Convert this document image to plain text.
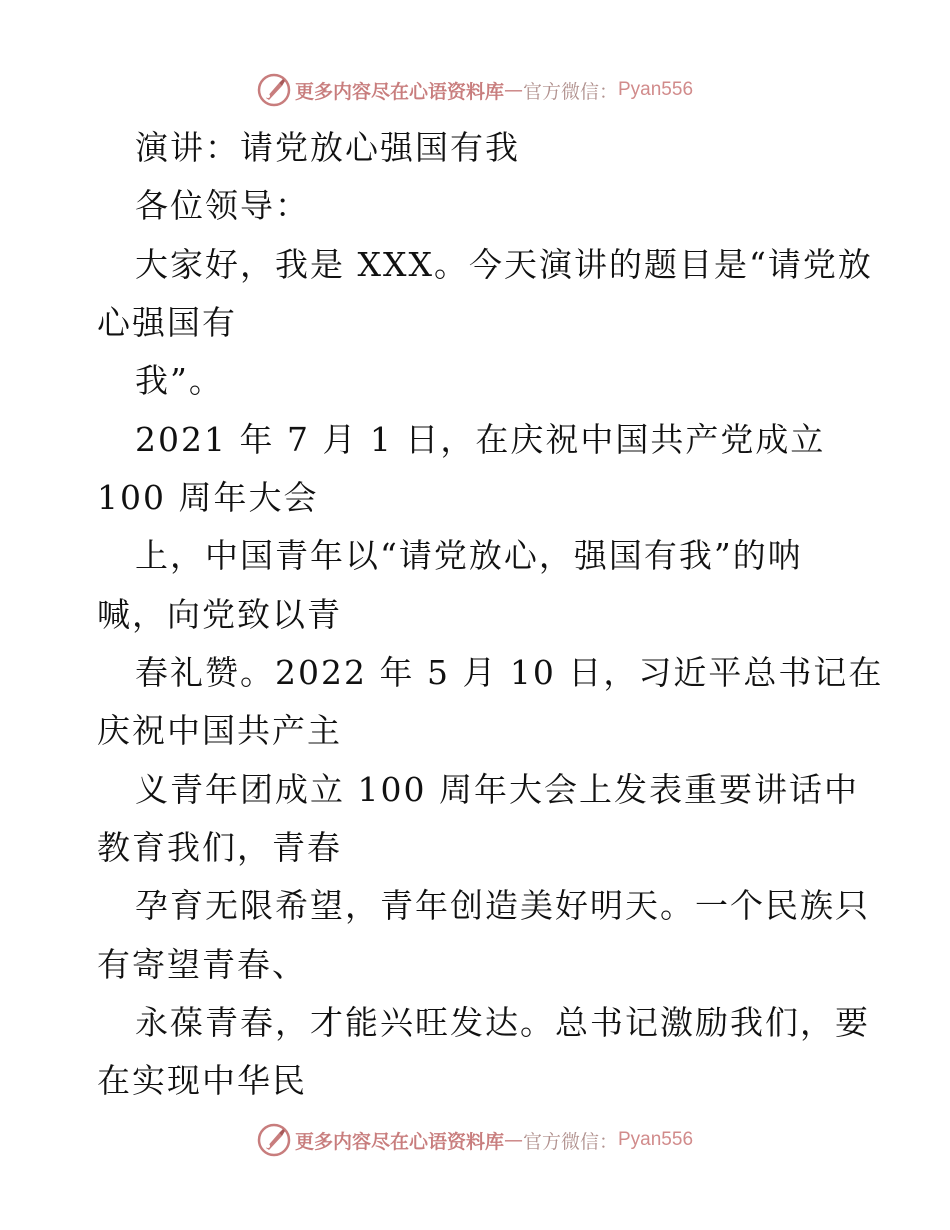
更多内容尽在心语资料库 — 官方微信： Pyan556
演讲：请党放心强国有我
各位领导：
大家好，我是 XXX。今天演讲的题目是“请党放
心强国有
我”。
2021 年 7 月 1 日，在庆祝中国共产党成立
100 周年大会
上，中国青年以“请党放心，强国有我”的呐
喊，向党致以青
春礼赞。2022 年 5 月 10 日，习近平总书记在
庆祝中国共产主
义青年团成立 100 周年大会上发表重要讲话中
教育我们，青春
孕育无限希望，青年创造美好明天。一个民族只
有寄望青春、
永葆青春，才能兴旺发达。总书记激励我们，要
在实现中华民
更多内容尽在心语资料库 — 官方微信： Pyan556
